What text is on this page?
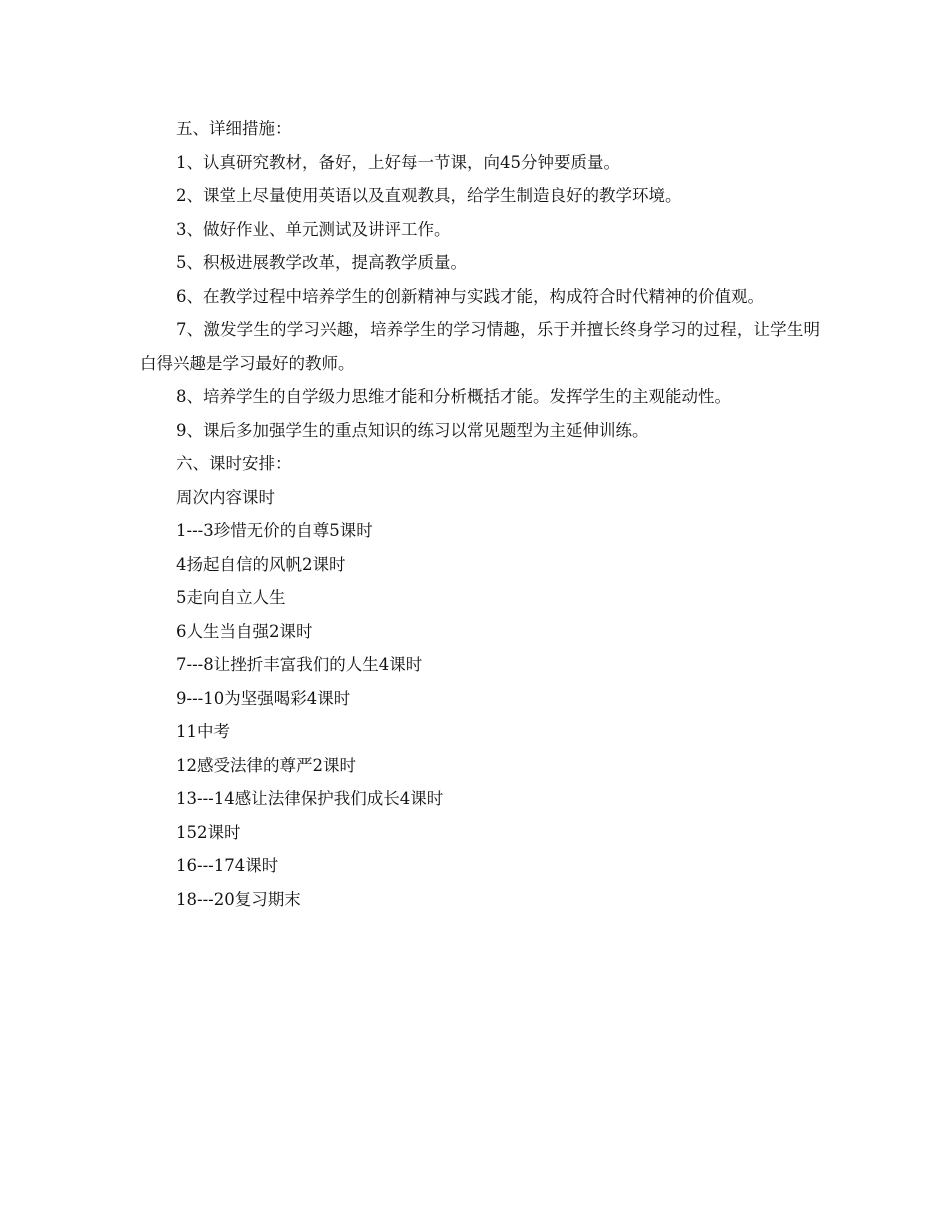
五、详细措施：

1、认真研究教材，备好，上好每一节课，向45分钟要质量。

2、课堂上尽量使用英语以及直观教具，给学生制造良好的教学环境。

3、做好作业、单元测试及讲评工作。

5、积极进展教学改革，提高教学质量。

6、在教学过程中培养学生的创新精神与实践才能，构成符合时代精神的价值观。

7、激发学生的学习兴趣，培养学生的学习情趣，乐于并擅长终身学习的过程，让学生明白得兴趣是学习最好的教师。

8、培养学生的自学级力思维才能和分析概括才能。发挥学生的主观能动性。

9、课后多加强学生的重点知识的练习以常见题型为主延伸训练。

六、课时安排：

周次内容课时

1---3珍惜无价的自尊5课时

4扬起自信的风帆2课时

5走向自立人生

6人生当自强2课时

7---8让挫折丰富我们的人生4课时

9---10为坚强喝彩4课时

11中考

12感受法律的尊严2课时

13---14感让法律保护我们成长4课时

152课时

16---174课时

18---20复习期末
